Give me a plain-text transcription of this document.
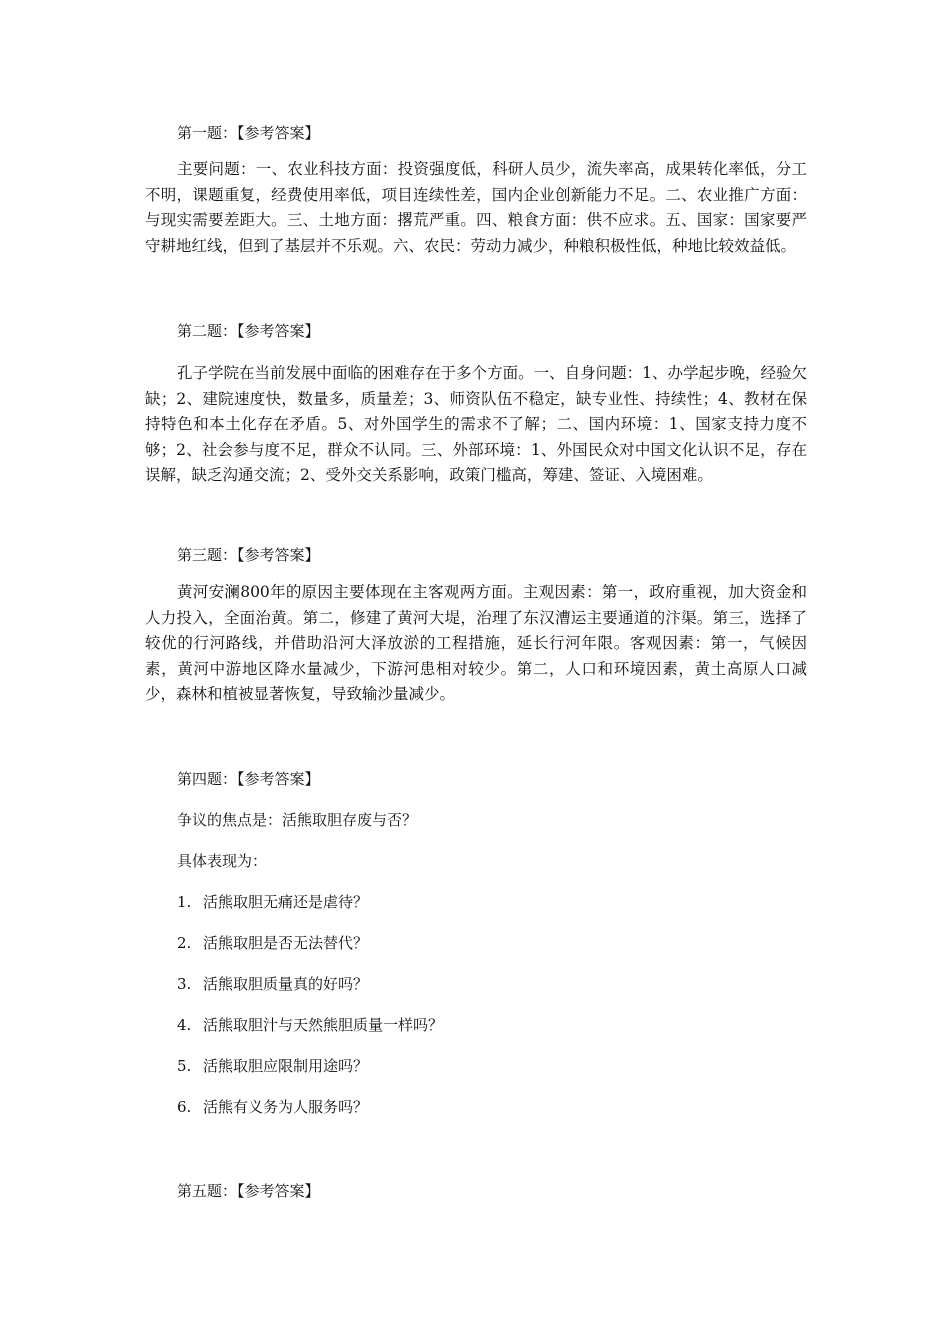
第一题：【参考答案】
主要问题：一、农业科技方面：投资强度低，科研人员少，流失率高，成果转化率低，分工不明，课题重复，经费使用率低，项目连续性差，国内企业创新能力不足。二、农业推广方面：与现实需要差距大。三、土地方面：撂荒严重。四、粮食方面：供不应求。五、国家：国家要严守耕地红线，但到了基层并不乐观。六、农民：劳动力减少，种粮积极性低，种地比较效益低。
第二题：【参考答案】
孔子学院在当前发展中面临的困难存在于多个方面。一、自身问题：1、办学起步晚，经验欠缺；2、建院速度快，数量多，质量差；3、师资队伍不稳定，缺专业性、持续性；4、教材在保持特色和本土化存在矛盾。5、对外国学生的需求不了解；二、国内环境：1、国家支持力度不够；2、社会参与度不足，群众不认同。三、外部环境：1、外国民众对中国文化认识不足，存在误解，缺乏沟通交流；2、受外交关系影响，政策门槛高，筹建、签证、入境困难。
第三题：【参考答案】
黄河安澜800年的原因主要体现在主客观两方面。主观因素：第一，政府重视，加大资金和人力投入，全面治黄。第二，修建了黄河大堤，治理了东汉漕运主要通道的汴渠。第三，选择了较优的行河路线，并借助沿河大泽放淤的工程措施，延长行河年限。客观因素：第一，气候因素，黄河中游地区降水量减少，下游河患相对较少。第二，人口和环境因素，黄土高原人口减少，森林和植被显著恢复，导致输沙量减少。
第四题：【参考答案】
争议的焦点是：活熊取胆存废与否？
具体表现为：
1. 活熊取胆无痛还是虐待？
2. 活熊取胆是否无法替代？
3. 活熊取胆质量真的好吗？
4. 活熊取胆汁与天然熊胆质量一样吗？
5. 活熊取胆应限制用途吗？
6. 活熊有义务为人服务吗？
第五题：【参考答案】
